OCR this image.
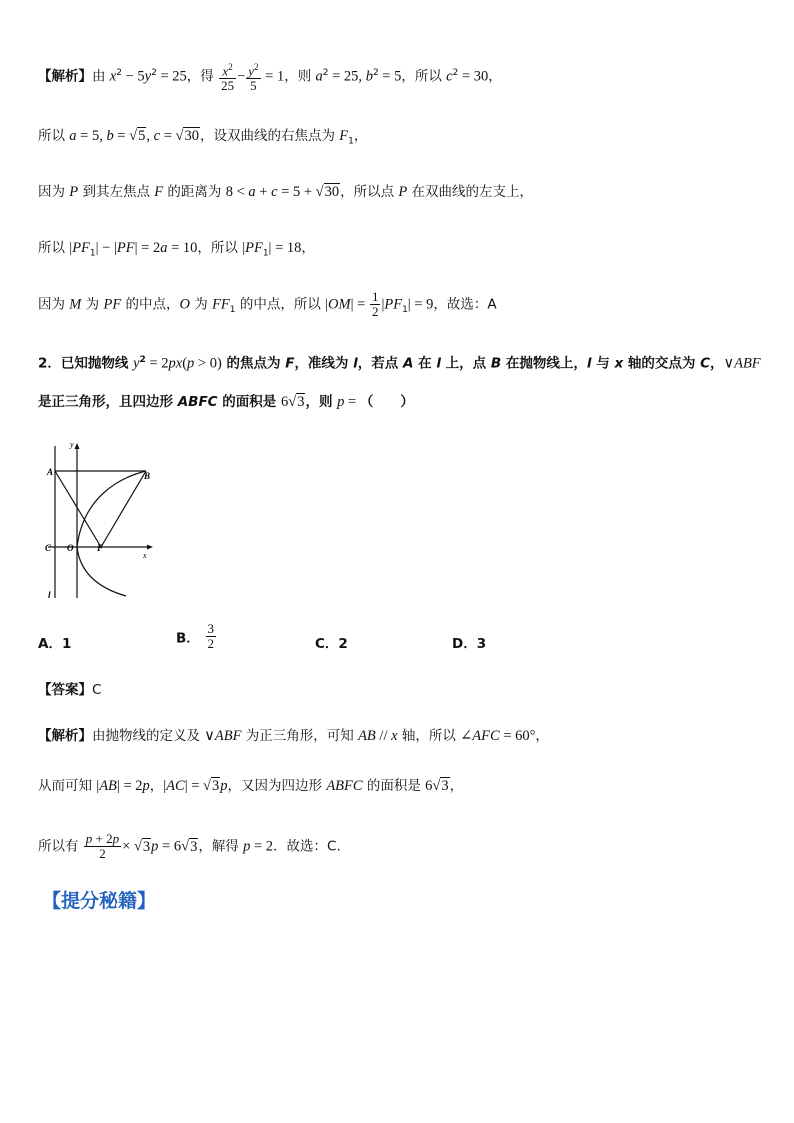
【解析】由 $x^2 - 5y^2 = 25$，得 $\frac{x^2}{25} - \frac{y^2}{5} = 1$，则 $a^2 = 25$, $b^2 = 5$，所以 $c^2 = 30$，
所以 a = 5, b = √5, c = √30，设双曲线的右焦点为 $F_1$，
因为 P 到其左焦点 F 的距离为 8 < a + c = 5 + √30，所以点 P 在双曲线的左支上，
所以 $|PF_1| - |PF| = 2a = 10$，所以 $|PF_1| = 18$，
因为 M 为 PF 的中点，O 为 $FF_1$ 的中点，所以 $|OM| = \frac{1}{2} |PF_1| = 9$，故选：A
2．已知抛物线 $y^2 = 2px(p > 0)$ 的焦点为 F，准线为 l，若点 A 在 l 上，点 B 在抛物线上，l 与 x 轴的交点为 C，∨ABF
是正三角形，且四边形 ABFC 的面积是 6√3，则 p = （　　）
y
x
A	B
C O	F
l
A．1	B． $\frac{3}{2}$	C．2	D．3
【答案】C
【解析】由抛物线的定义及 ∨ABF 为正三角形，可知 AB // x 轴，所以 ∠AFC = 60°，
从而可知 |AB| = 2p，|AC| = √3p，又因为四边形 ABFC 的面积是 6√3，
所以有 $\frac{p + 2p}{2} \times √3p = 6√3$，解得 p = 2．故选：C.
【提分秘籍】
